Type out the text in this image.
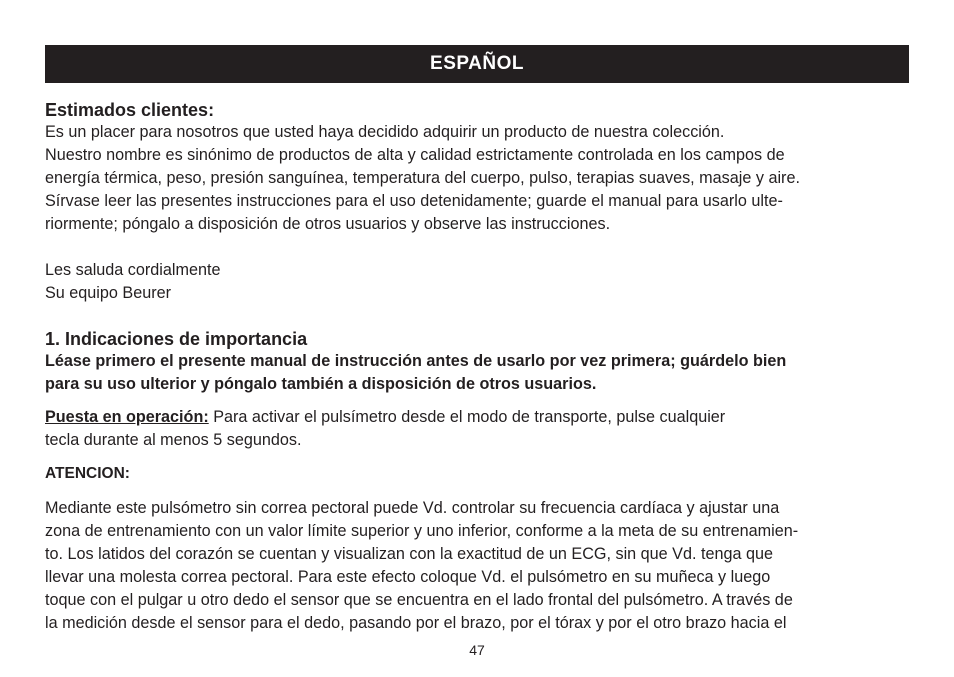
ESPAÑOL

Estimados clientes:

Es un placer para nosotros que usted haya decidido adquirir un producto de nuestra colección.

Nuestro nombre es sinónimo de productos de alta y calidad estrictamente controlada en los campos de

energía térmica, peso, presión sanguínea, temperatura del cuerpo, pulso, terapias suaves, masaje y aire.

Sírvase leer las presentes instrucciones para el uso detenidamente; guarde el manual para usarlo ulte-

riormente; póngalo a disposición de otros usuarios y observe las instrucciones.

Les saluda cordialmente

Su equipo Beurer

1. Indicaciones de importancia

Léase primero el presente manual de instrucción antes de usarlo por vez primera; guárdelo bien

para su uso ulterior y póngalo también a disposición de otros usuarios.

Puesta en operación: Para activar el pulsímetro desde el modo de transporte, pulse cualquier

tecla durante al menos 5 segundos.

ATENCION:

Mediante este pulsómetro sin correa pectoral puede Vd. controlar su frecuencia cardíaca y ajustar una

zona de entrenamiento con un valor límite superior y uno inferior, conforme a la meta de su entrenamien-

to. Los latidos del corazón se cuentan y visualizan con la exactitud de un ECG, sin que Vd. tenga que

llevar una molesta correa pectoral. Para este efecto coloque Vd. el pulsómetro en su muñeca y luego

toque con el pulgar u otro dedo el sensor que se encuentra en el lado frontal del pulsómetro. A través de

la medición desde el sensor para el dedo, pasando por el brazo, por el tórax y por el otro brazo hacia el

47
